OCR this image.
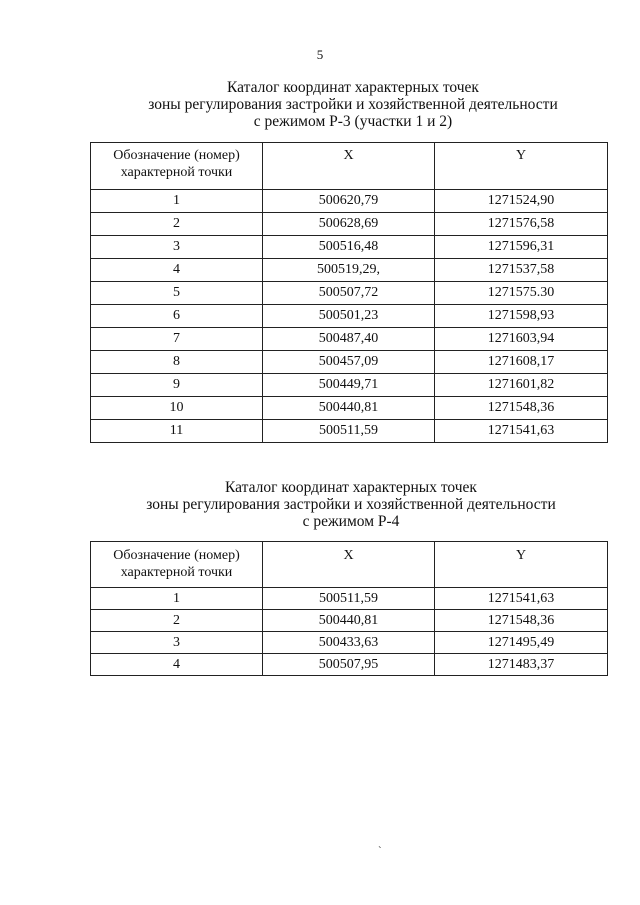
5
Каталог координат характерных точек
зоны регулирования застройки и хозяйственной деятельности
с режимом Р-3 (участки 1 и 2)
Обозначение (номер)
характерной точки	X	Y
1	500620,79	1271524,90
2	500628,69	1271576,58
3	500516,48	1271596,31
4	500519,29,	1271537,58
5	500507,72	1271575.30
6	500501,23	1271598,93
7	500487,40	1271603,94
8	500457,09	1271608,17
9	500449,71	1271601,82
10	500440,81	1271548,36
11	500511,59	1271541,63
Каталог координат характерных точек
зоны регулирования застройки и хозяйственной деятельности
с режимом Р-4
Обозначение (номер)
характерной точки	X	Y
1	500511,59	1271541,63
2	500440,81	1271548,36
3	500433,63	1271495,49
4	500507,95	1271483,37
`
